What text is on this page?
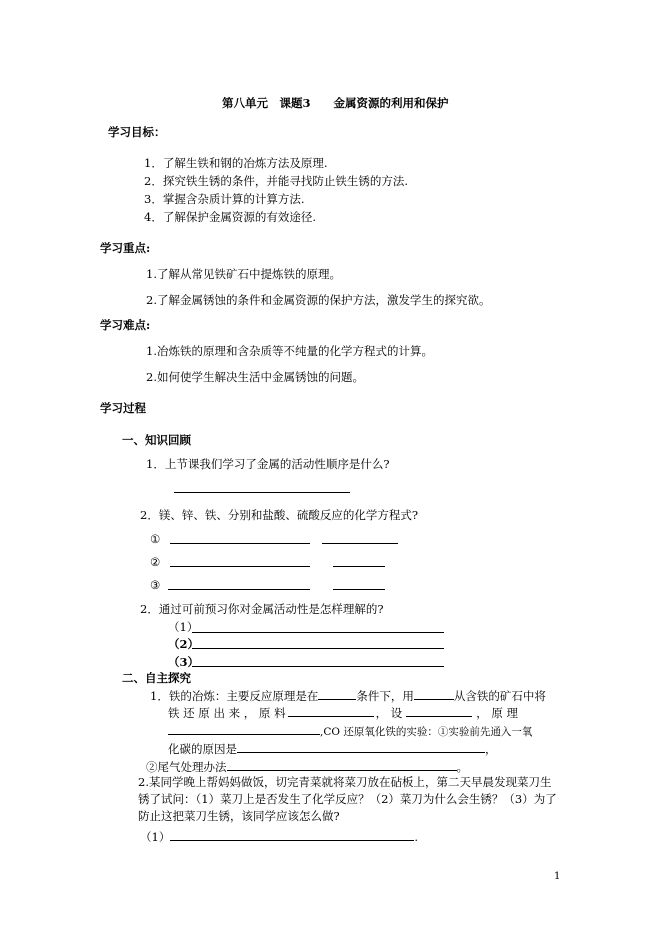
第八单元　课题3　　金属资源的利用和保护
学习目标：
1．了解生铁和钢的冶炼方法及原理.
2．探究铁生锈的条件，并能寻找防止铁生锈的方法.
3．掌握含杂质计算的计算方法.
4．了解保护金属资源的有效途径.
学习重点:
1.了解从常见铁矿石中提炼铁的原理。
2.了解金属锈蚀的条件和金属资源的保护方法，激发学生的探究欲。
学习难点:
1.冶炼铁的原理和含杂质等不纯量的化学方程式的计算。
2.如何使学生解决生活中金属锈蚀的问题。
学习过程
一、知识回顾
1．上节课我们学习了金属的活动性顺序是什么?
2．镁、锌、铁、分别和盐酸、硫酸反应的化学方程式?
①
②
③
2．通过可前预习你对金属活动性是怎样理解的?
（1）
（2）
（3）
二、自主探究
1．铁的冶炼：主要反应原理是在	条件下，用	从含铁的矿石中将
铁 还 原 出 来 ， 原 料	， 设	， 原 理
,CO 还原氧化铁的实验：①实验前先通入一氧
化碳的原因是	，
②尾气处理办法	。
2.某同学晚上帮妈妈做饭，切完青菜就将菜刀放在砧板上，第二天早晨发现菜刀生
锈了试问：（1）菜刀上是否发生了化学反应？（2）菜刀为什么会生锈？（3）为了
防止这把菜刀生锈，该同学应该怎么做?
（1）	.
1
